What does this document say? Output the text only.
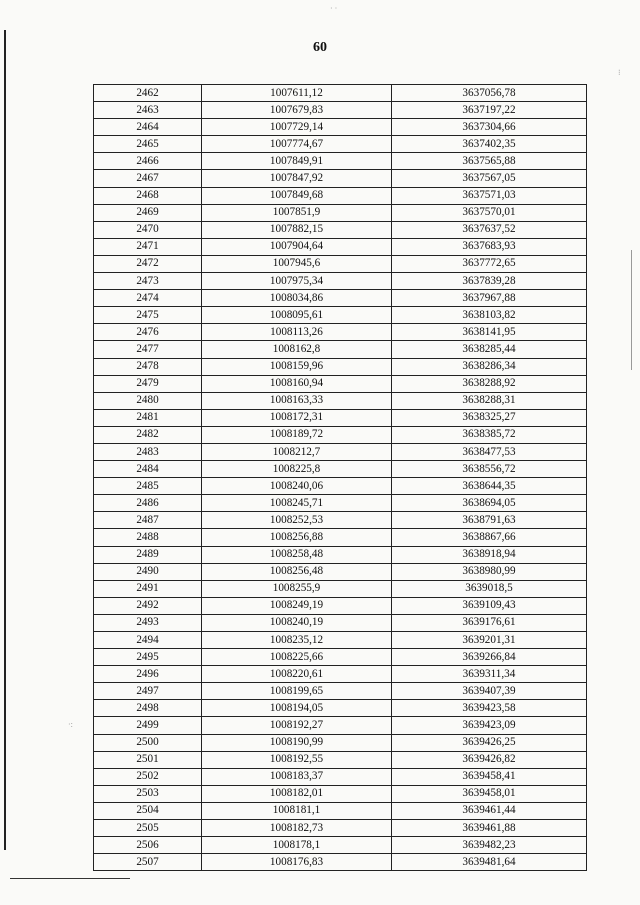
· ·
⁝
·:
60
2462	1007611,12	3637056,78
2463	1007679,83	3637197,22
2464	1007729,14	3637304,66
2465	1007774,67	3637402,35
2466	1007849,91	3637565,88
2467	1007847,92	3637567,05
2468	1007849,68	3637571,03
2469	1007851,9	3637570,01
2470	1007882,15	3637637,52
2471	1007904,64	3637683,93
2472	1007945,6	3637772,65
2473	1007975,34	3637839,28
2474	1008034,86	3637967,88
2475	1008095,61	3638103,82
2476	1008113,26	3638141,95
2477	1008162,8	3638285,44
2478	1008159,96	3638286,34
2479	1008160,94	3638288,92
2480	1008163,33	3638288,31
2481	1008172,31	3638325,27
2482	1008189,72	3638385,72
2483	1008212,7	3638477,53
2484	1008225,8	3638556,72
2485	1008240,06	3638644,35
2486	1008245,71	3638694,05
2487	1008252,53	3638791,63
2488	1008256,88	3638867,66
2489	1008258,48	3638918,94
2490	1008256,48	3638980,99
2491	1008255,9	3639018,5
2492	1008249,19	3639109,43
2493	1008240,19	3639176,61
2494	1008235,12	3639201,31
2495	1008225,66	3639266,84
2496	1008220,61	3639311,34
2497	1008199,65	3639407,39
2498	1008194,05	3639423,58
2499	1008192,27	3639423,09
2500	1008190,99	3639426,25
2501	1008192,55	3639426,82
2502	1008183,37	3639458,41
2503	1008182,01	3639458,01
2504	1008181,1	3639461,44
2505	1008182,73	3639461,88
2506	1008178,1	3639482,23
2507	1008176,83	3639481,64
